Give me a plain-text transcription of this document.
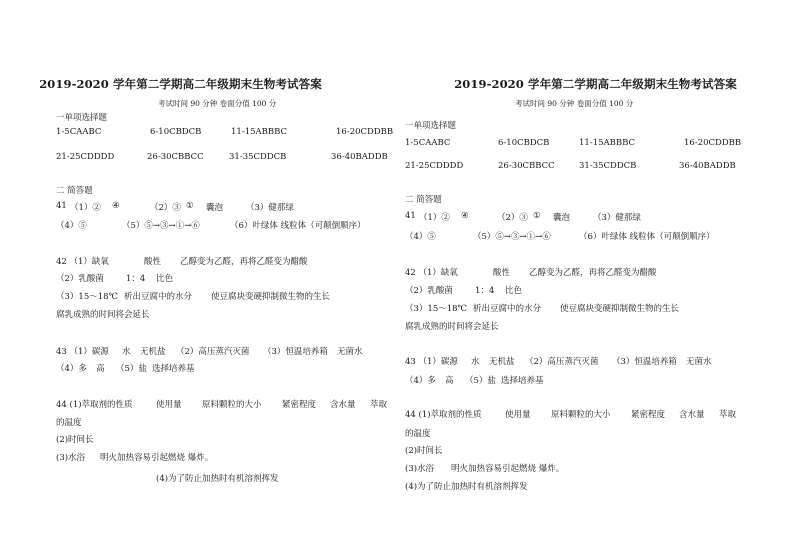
2019-2020 学年第二学期高二年级期末生物考试答案
考试时间 90 分钟 卷面分值 100 分
一单项选择题
1-5CAABC	6-10CBDCB	11-15ABBBC	16-20CDDBB
21-25CDDDD	26-30CBBCC	31-35CDDCB	36-40BADDB
二 简答题
41 （1）② ④	（2）③ ① 囊泡	（3）健那绿
（4）⑤	（5）⑤→③→①→⑥	（6）叶绿体 线粒体（可颠倒顺序）
42 （1）缺氧	酸性 乙醇变为乙醛，再将乙醛变为醋酸
（2）乳酸菌	1：4 比色
（3）15～18℃ 析出豆腐中的水分 使豆腐块变硬抑制微生物的生长
腐乳成熟的时间将会延长
43 （1）碳源 水 无机盐 （2）高压蒸汽灭菌 （3）恒温培养箱 无菌水
（4）多 高 （5）盐 选择培养基
44 (1)萃取剂的性质	使用量 原料颗粒的大小 紧密程度 含水量 萃取
的温度
(2)时间长
(3)水浴 明火加热容易引起燃烧 爆炸。
(4)为了防止加热时有机溶剂挥发
2019-2020 学年第二学期高二年级期末生物考试答案
考试时间 90 分钟 卷面分值 100 分
一单项选择题
1-5CAABC	6-10CBDCB	11-15ABBBC	16-20CDDBB
21-25CDDDD	26-30CBBCC	31-35CDDCB	36-40BADDB
二 简答题
41 （1）② ④	（2）③ ① 囊泡	（3）健那绿
（4）⑤	（5）⑤→③→①→⑥	（6）叶绿体 线粒体（可颠倒顺序）
42 （1）缺氧	酸性 乙醇变为乙醛，再将乙醛变为醋酸
（2）乳酸菌	1：4 比色
（3）15～18℃ 析出豆腐中的水分 使豆腐块变硬抑制微生物的生长
腐乳成熟的时间将会延长
43 （1）碳源 水 无机盐 （2）高压蒸汽灭菌 （3）恒温培养箱 无菌水
（4）多 高 （5）盐 选择培养基
44 (1)萃取剂的性质	使用量 原料颗粒的大小 紧密程度 含水量 萃取
的温度
(2)时间长
(3)水浴 明火加热容易引起燃烧 爆炸。
(4)为了防止加热时有机溶剂挥发
